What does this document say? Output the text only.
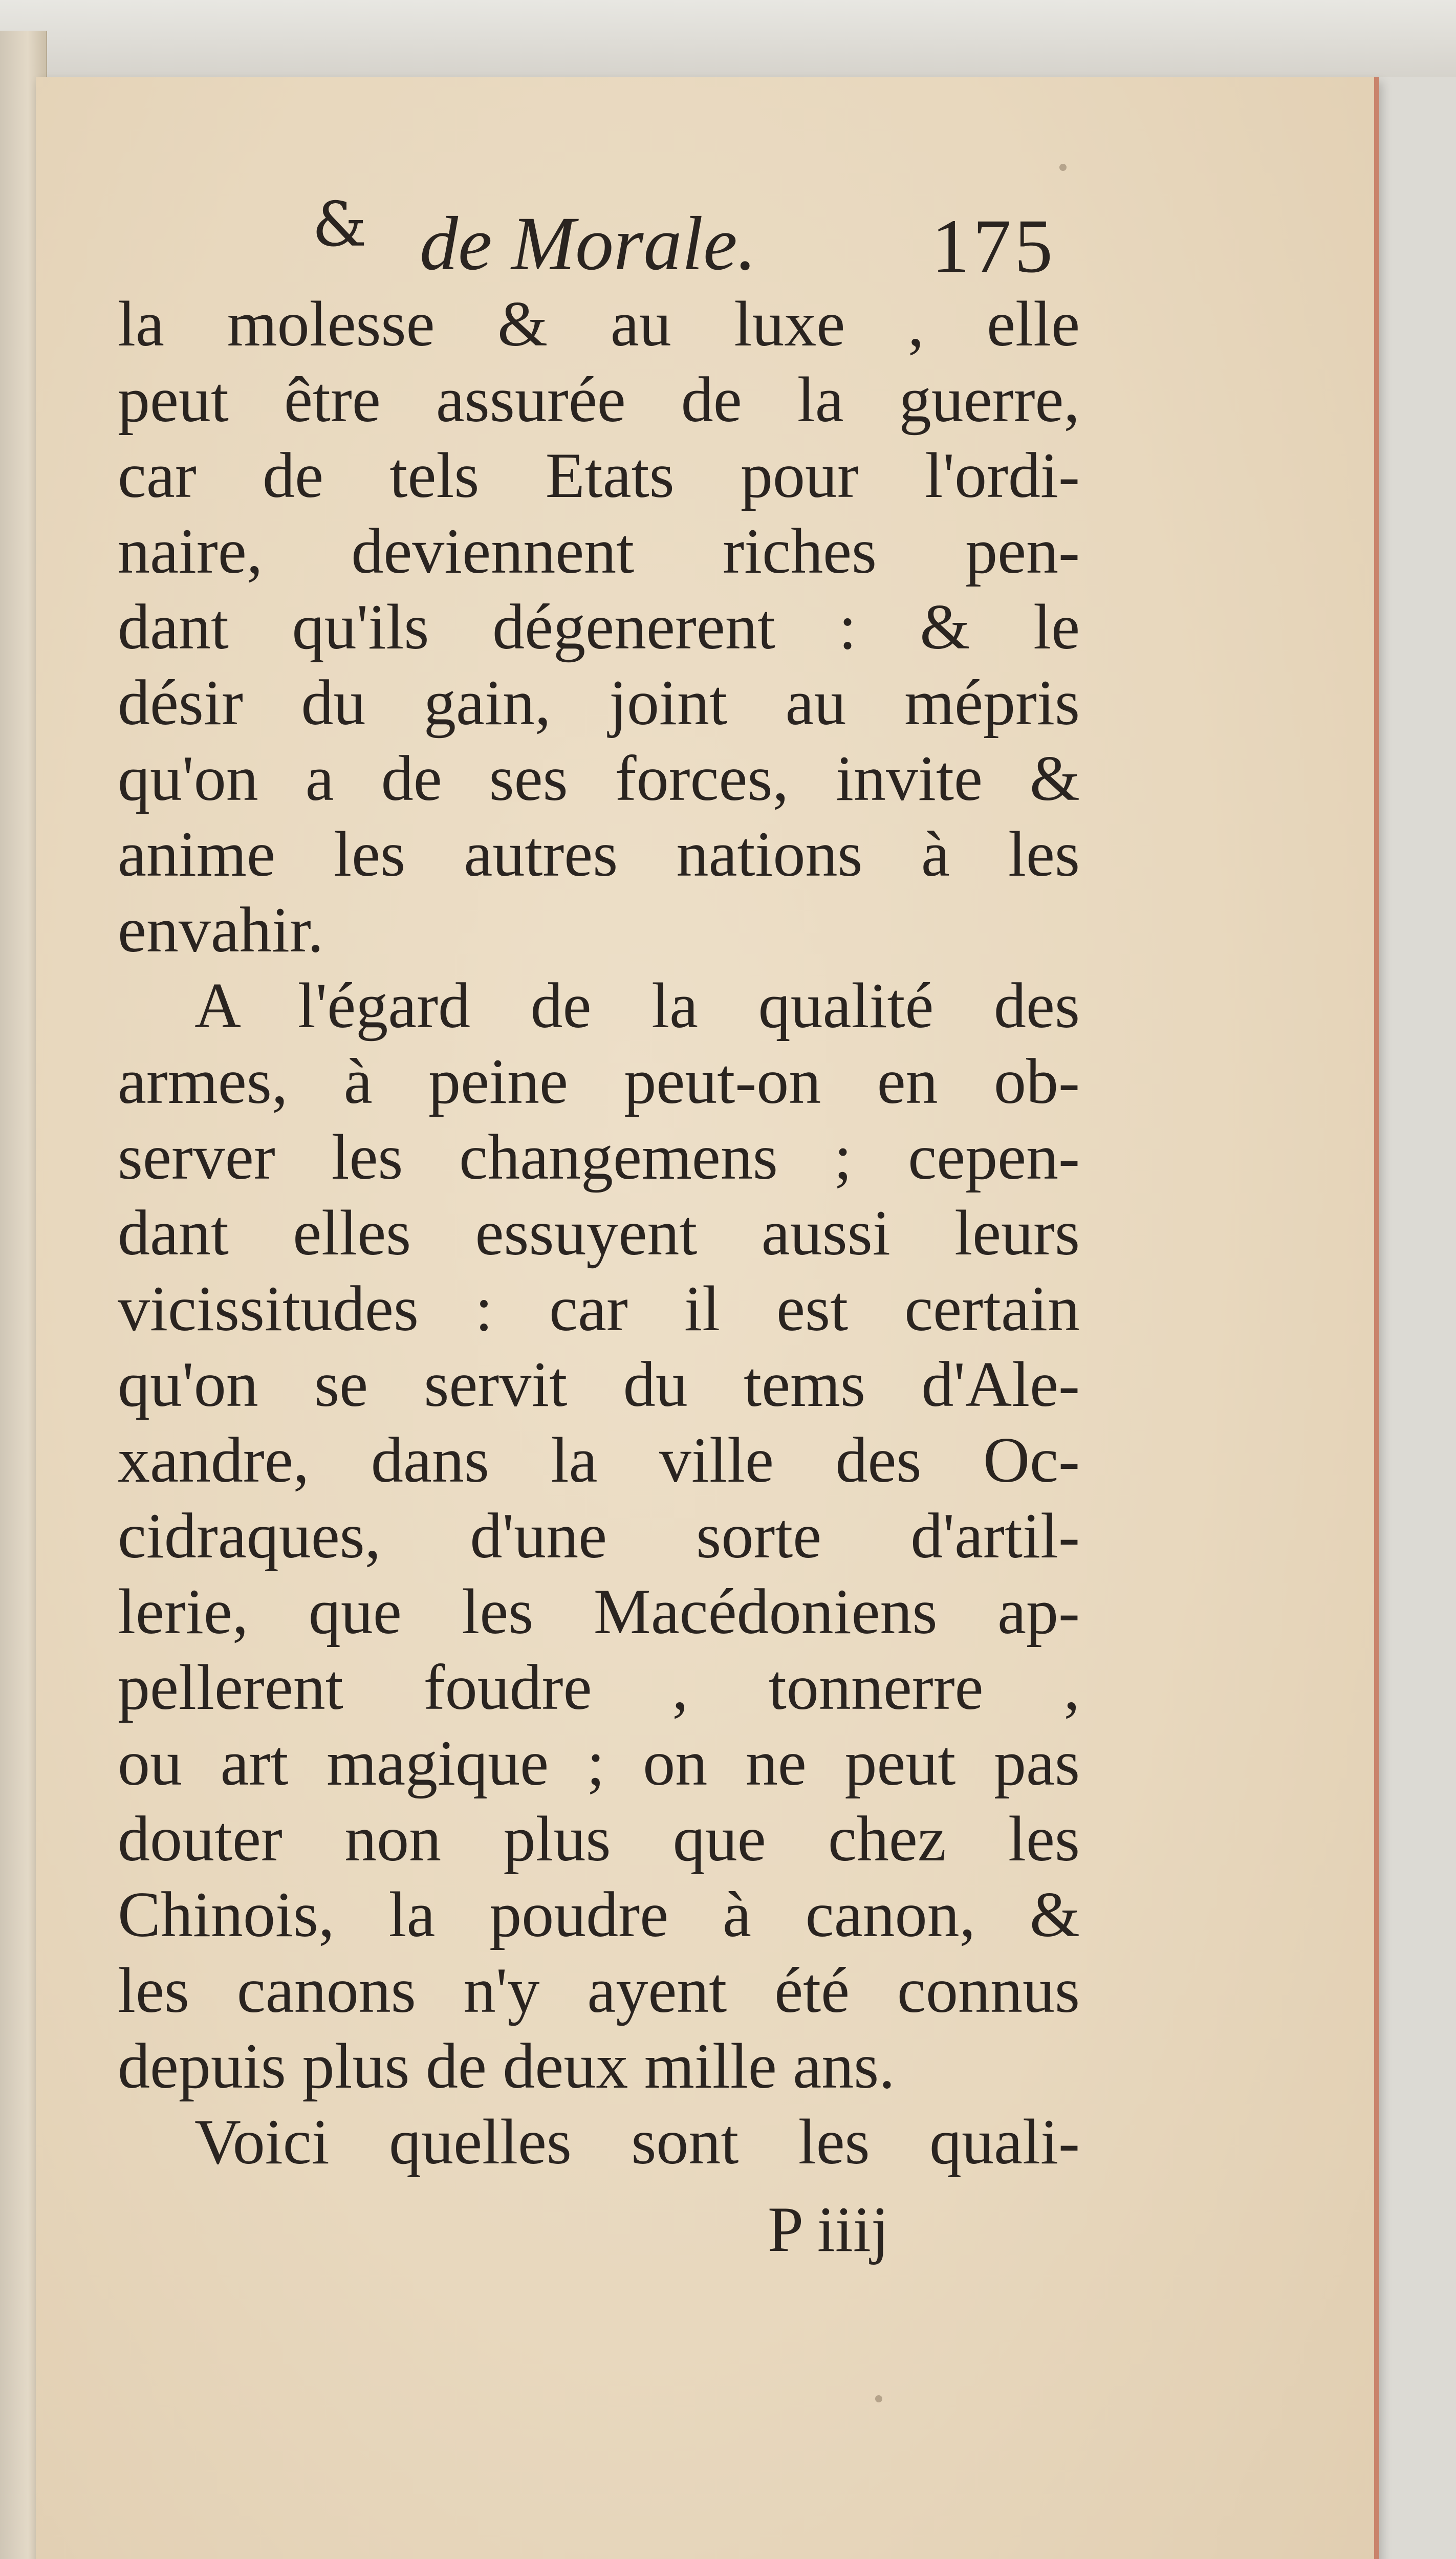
& de Morale. 175
la molesse & au luxe , elle
peut être assurée de la guerre,
car de tels Etats pour l'ordi-
naire, deviennent riches pen-
dant qu'ils dégenerent : & le
désir du gain, joint au mépris
qu'on a de ses forces, invite &
anime les autres nations à les
envahir.
A l'égard de la qualité des
armes, à peine peut-on en ob-
server les changemens ; cepen-
dant elles essuyent aussi leurs
vicissitudes : car il est certain
qu'on se servit du tems d'Ale-
xandre, dans la ville des Oc-
cidraques, d'une sorte d'artil-
lerie, que les Macédoniens ap-
pellerent foudre , tonnerre ,
ou art magique ; on ne peut pas
douter non plus que chez les
Chinois, la poudre à canon, &
les canons n'y ayent été connus
depuis plus de deux mille ans.
Voici quelles sont les quali-
P iiij
